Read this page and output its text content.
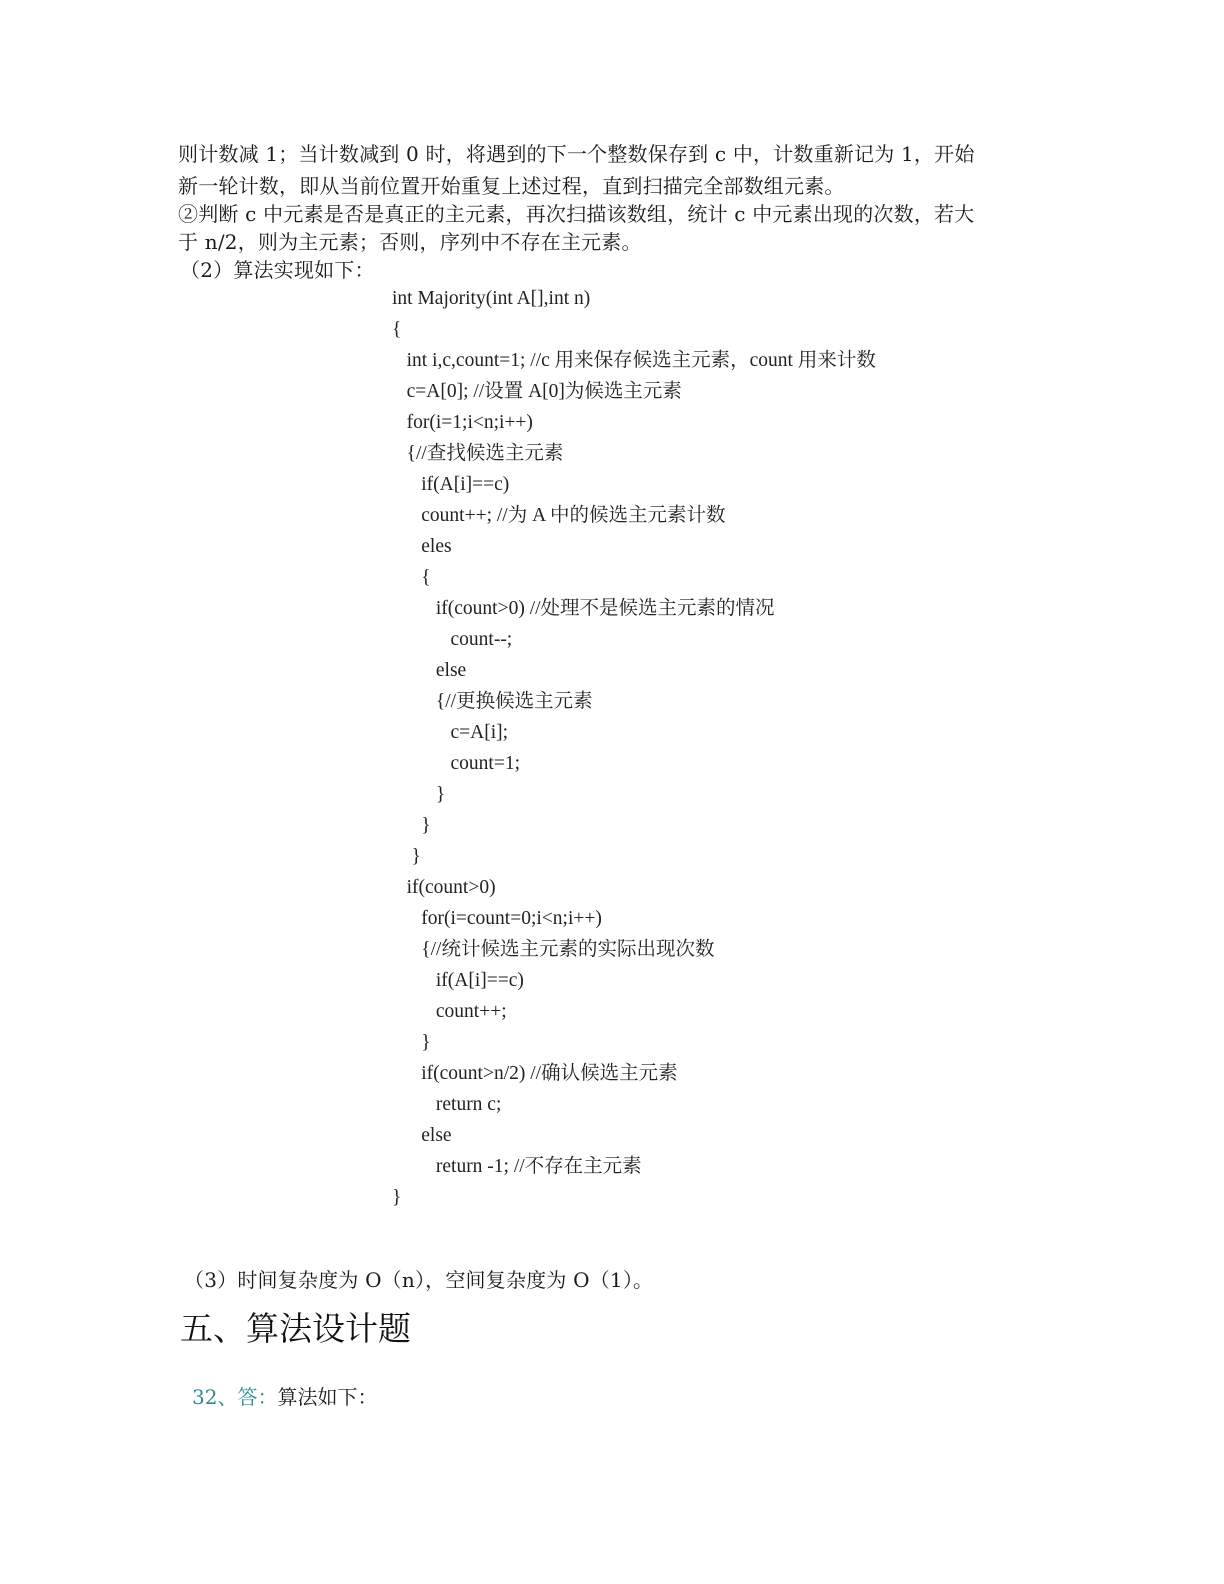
则计数减 1；当计数减到 0 时，将遇到的下一个整数保存到 c 中，计数重新记为 1，开始
新一轮计数，即从当前位置开始重复上述过程，直到扫描完全部数组元素。
②判断 c 中元素是否是真正的主元素，再次扫描该数组，统计 c 中元素出现的次数，若大
于 n/2，则为主元素；否则，序列中不存在主元素。
（2）算法实现如下：
int Majority(int A[],int n)
{
int i,c,count=1; //c 用来保存候选主元素，count 用来计数
c=A[0]; //设置 A[0]为候选主元素
for(i=1;i<n;i++)
{//查找候选主元素
if(A[i]==c)
count++; //为 A 中的候选主元素计数
eles
{
if(count>0) //处理不是候选主元素的情况
count--;
else
{//更换候选主元素
c=A[i];
count=1;
}
}
}
if(count>0)
for(i=count=0;i<n;i++)
{//统计候选主元素的实际出现次数
if(A[i]==c)
count++;
}
if(count>n/2) //确认候选主元素
return c;
else
return -1; //不存在主元素
}
（3）时间复杂度为 O（n），空间复杂度为 O（1）。
五、算法设计题
32、答：算法如下：
